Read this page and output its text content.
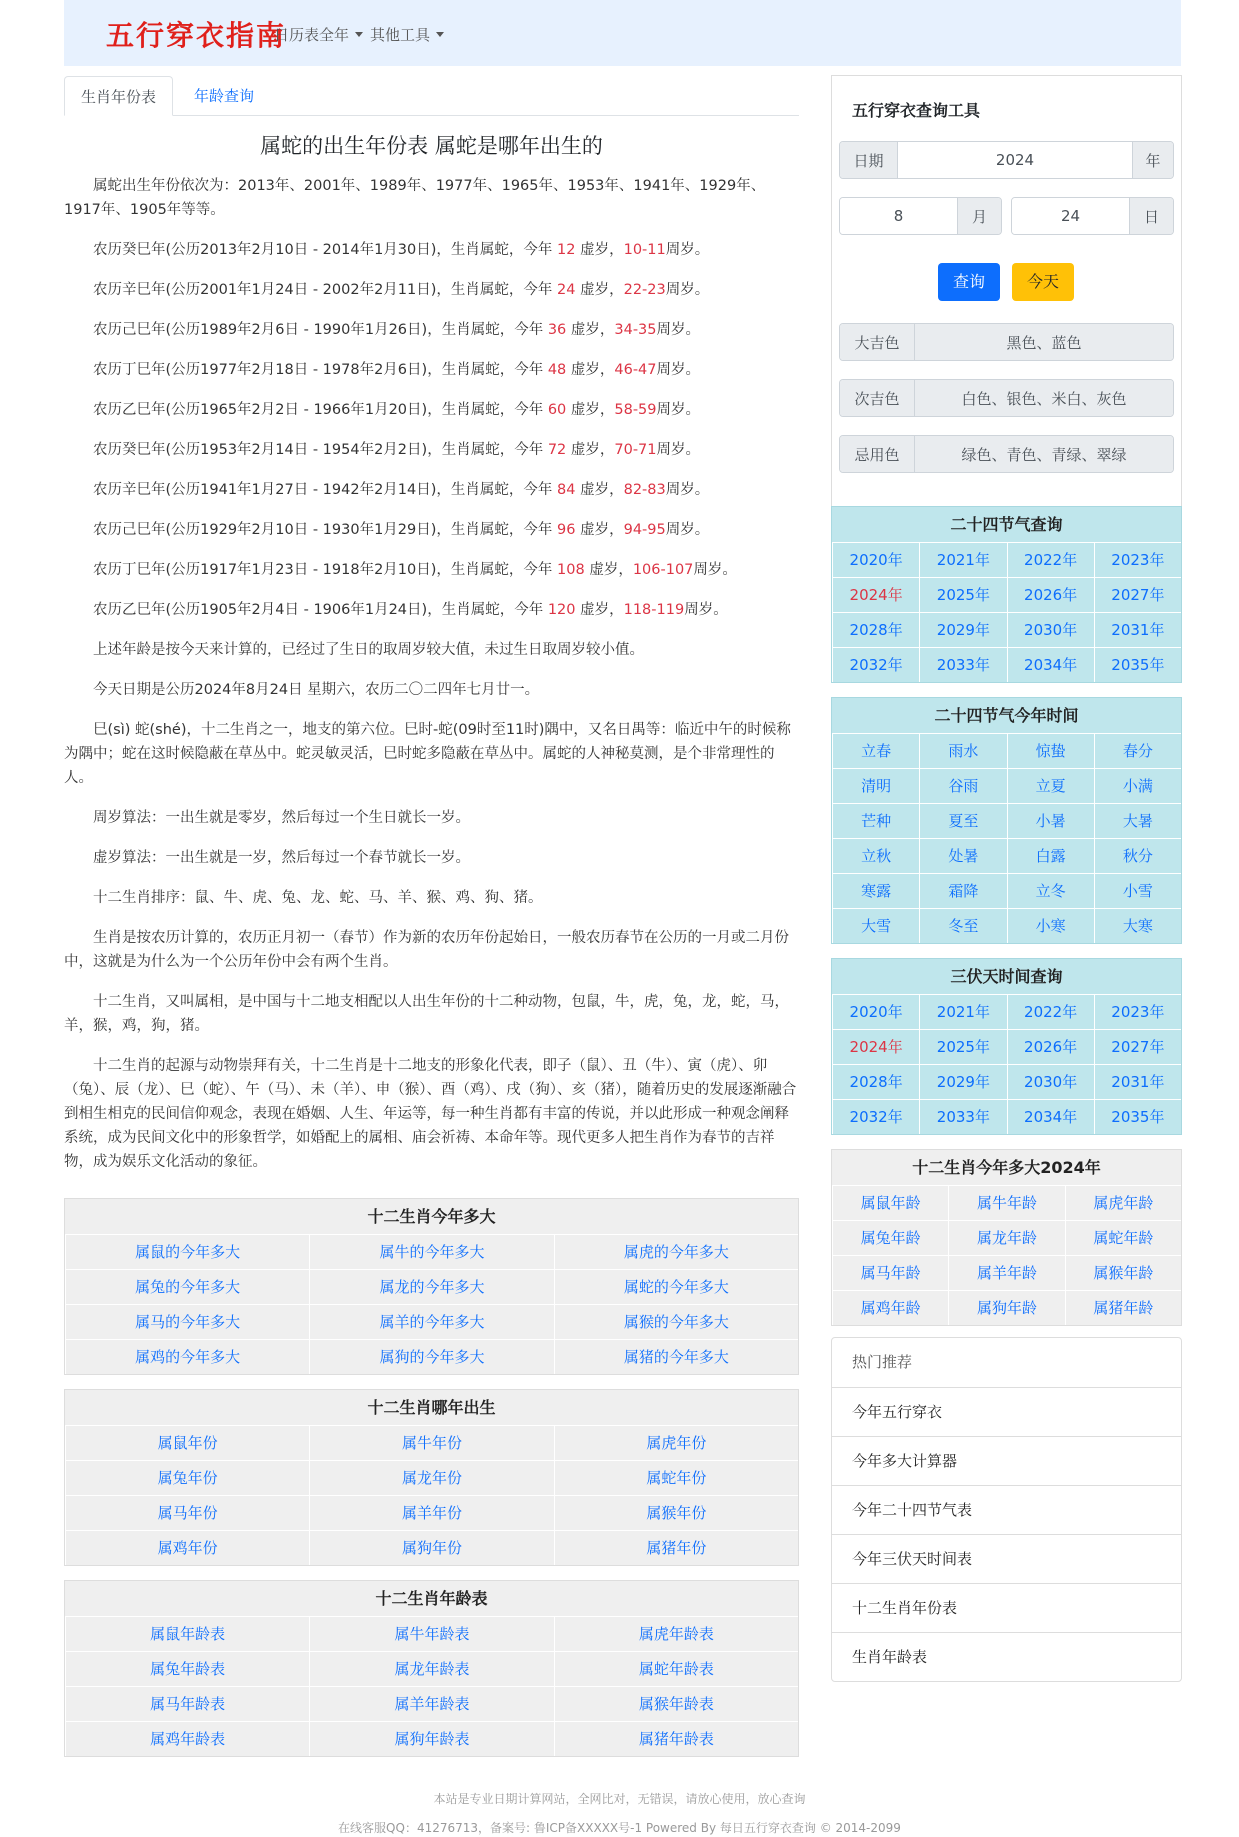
五行穿衣指南
日历表全年	其他工具
生肖年份表	年龄查询
属蛇的出生年份表 属蛇是哪年出生的

属蛇出生年份依次为：2013年、2001年、1989年、1977年、1965年、1953年、1941年、1929年、1917年、1905年等等。

农历癸巳年(公历2013年2月10日 - 2014年1月30日)，生肖属蛇，今年 12 虚岁，10-11周岁。

农历辛巳年(公历2001年1月24日 - 2002年2月11日)，生肖属蛇，今年 24 虚岁，22-23周岁。

农历己巳年(公历1989年2月6日 - 1990年1月26日)，生肖属蛇，今年 36 虚岁，34-35周岁。

农历丁巳年(公历1977年2月18日 - 1978年2月6日)，生肖属蛇，今年 48 虚岁，46-47周岁。

农历乙巳年(公历1965年2月2日 - 1966年1月20日)，生肖属蛇，今年 60 虚岁，58-59周岁。

农历癸巳年(公历1953年2月14日 - 1954年2月2日)，生肖属蛇，今年 72 虚岁，70-71周岁。

农历辛巳年(公历1941年1月27日 - 1942年2月14日)，生肖属蛇，今年 84 虚岁，82-83周岁。

农历己巳年(公历1929年2月10日 - 1930年1月29日)，生肖属蛇，今年 96 虚岁，94-95周岁。

农历丁巳年(公历1917年1月23日 - 1918年2月10日)，生肖属蛇，今年 108 虚岁，106-107周岁。

农历乙巳年(公历1905年2月4日 - 1906年1月24日)，生肖属蛇，今年 120 虚岁，118-119周岁。

上述年龄是按今天来计算的，已经过了生日的取周岁较大值，未过生日取周岁较小值。

今天日期是公历2024年8月24日 星期六，农历二〇二四年七月廿一。

巳(sì) 蛇(shé)，十二生肖之一，地支的第六位。巳时-蛇(09时至11时)隅中，又名日禺等：临近中午的时候称为隅中；蛇在这时候隐蔽在草丛中。蛇灵敏灵活，巳时蛇多隐蔽在草丛中。属蛇的人神秘莫测，是个非常理性的人。

周岁算法：一出生就是零岁，然后每过一个生日就长一岁。

虚岁算法：一出生就是一岁，然后每过一个春节就长一岁。

十二生肖排序：鼠、牛、虎、兔、龙、蛇、马、羊、猴、鸡、狗、猪。

生肖是按农历计算的，农历正月初一（春节）作为新的农历年份起始日，一般农历春节在公历的一月或二月份中，这就是为什么为一个公历年份中会有两个生肖。

十二生肖，又叫属相，是中国与十二地支相配以人出生年份的十二种动物，包鼠，牛，虎，兔，龙，蛇，马，羊，猴，鸡，狗，猪。

十二生肖的起源与动物崇拜有关，十二生肖是十二地支的形象化代表，即子（鼠）、丑（牛）、寅（虎）、卯（兔）、辰（龙）、巳（蛇）、午（马）、未（羊）、申（猴）、酉（鸡）、戌（狗）、亥（猪），随着历史的发展逐渐融合到相生相克的民间信仰观念，表现在婚姻、人生、年运等，每一种生肖都有丰富的传说，并以此形成一种观念阐释系统，成为民间文化中的形象哲学，如婚配上的属相、庙会祈祷、本命年等。现代更多人把生肖作为春节的吉祥物，成为娱乐文化活动的象征。

十二生肖今年多大
属鼠的今年多大	属牛的今年多大	属虎的今年多大
属兔的今年多大	属龙的今年多大	属蛇的今年多大
属马的今年多大	属羊的今年多大	属猴的今年多大
属鸡的今年多大	属狗的今年多大	属猪的今年多大
十二生肖哪年出生
属鼠年份	属牛年份	属虎年份
属兔年份	属龙年份	属蛇年份
属马年份	属羊年份	属猴年份
属鸡年份	属狗年份	属猪年份
十二生肖年龄表
属鼠年龄表	属牛年龄表	属虎年龄表
属兔年龄表	属龙年龄表	属蛇年龄表
属马年龄表	属羊年龄表	属猴年龄表
属鸡年龄表	属狗年龄表	属猪年龄表
五行穿衣查询工具
日期	2024	年
8	月	24	日
查询	今天
大吉色	黑色、蓝色
次吉色	白色、银色、米白、灰色
忌用色	绿色、青色、青绿、翠绿
二十四节气查询
2020年	2021年	2022年	2023年
2024年	2025年	2026年	2027年
2028年	2029年	2030年	2031年
2032年	2033年	2034年	2035年
二十四节气今年时间
立春	雨水	惊蛰	春分
清明	谷雨	立夏	小满
芒种	夏至	小暑	大暑
立秋	处暑	白露	秋分
寒露	霜降	立冬	小雪
大雪	冬至	小寒	大寒
三伏天时间查询
2020年	2021年	2022年	2023年
2024年	2025年	2026年	2027年
2028年	2029年	2030年	2031年
2032年	2033年	2034年	2035年
十二生肖今年多大2024年
属鼠年龄	属牛年龄	属虎年龄
属兔年龄	属龙年龄	属蛇年龄
属马年龄	属羊年龄	属猴年龄
属鸡年龄	属狗年龄	属猪年龄
热门推荐
今年五行穿衣
今年多大计算器
今年二十四节气表
今年三伏天时间表
十二生肖年份表
生肖年龄表
本站是专业日期计算网站，全网比对，无错误，请放心使用，放心查询
在线客服QQ：41276713，备案号: 鲁ICP备XXXXX号-1 Powered By 每日五行穿衣查询 © 2014-2099
